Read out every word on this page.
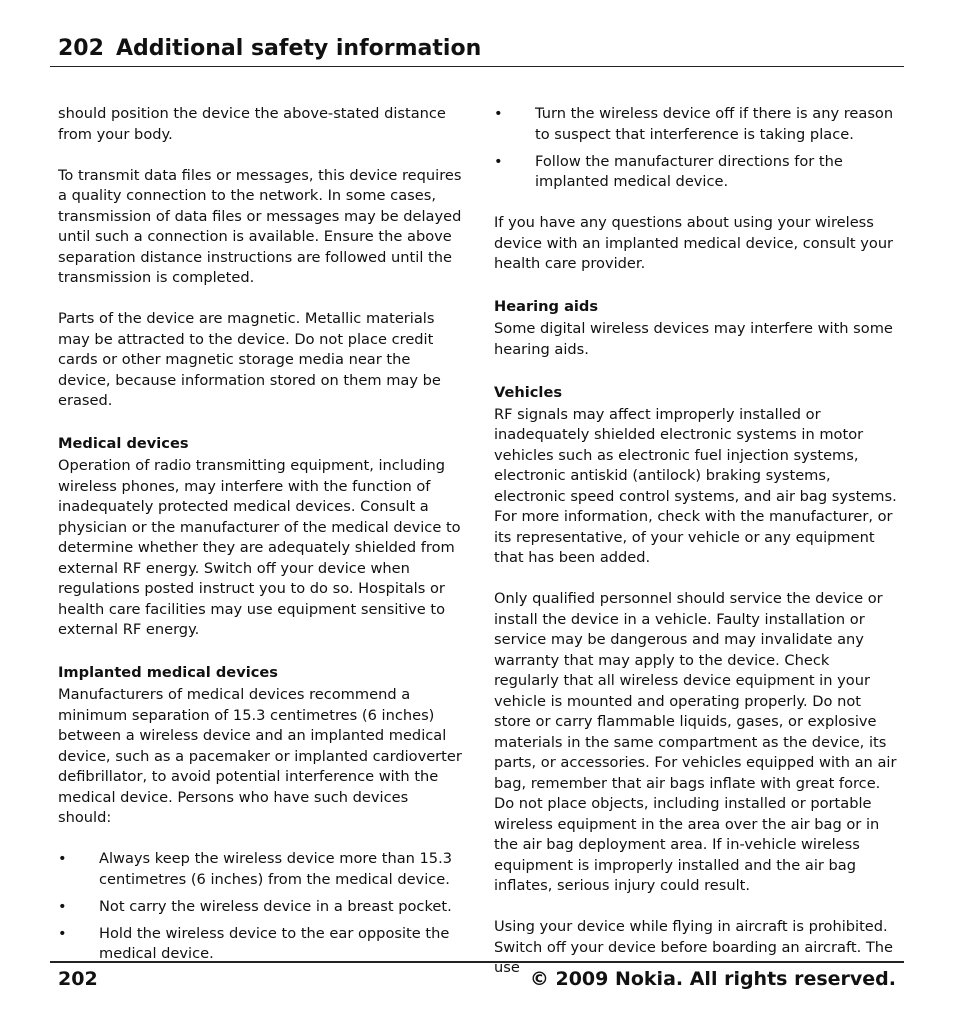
202 Additional safety information

should position the device the above-stated distance from your body.

To transmit data files or messages, this device requires a quality connection to the network. In some cases, transmission of data files or messages may be delayed until such a connection is available. Ensure the above separation distance instructions are followed until the transmission is completed.

Parts of the device are magnetic. Metallic materials may be attracted to the device. Do not place credit cards or other magnetic storage media near the device, because information stored on them may be erased.

Medical devices

Operation of radio transmitting equipment, including wireless phones, may interfere with the function of inadequately protected medical devices. Consult a physician or the manufacturer of the medical device to determine whether they are adequately shielded from external RF energy. Switch off your device when regulations posted instruct you to do so. Hospitals or health care facilities may use equipment sensitive to external RF energy.

Implanted medical devices

Manufacturers of medical devices recommend a minimum separation of 15.3 centimetres (6 inches) between a wireless device and an implanted medical device, such as a pacemaker or implanted cardioverter defibrillator, to avoid potential interference with the medical device. Persons who have such devices should:

• Always keep the wireless device more than 15.3 centimetres (6 inches) from the medical device.
• Not carry the wireless device in a breast pocket.
• Hold the wireless device to the ear opposite the medical device.
• Turn the wireless device off if there is any reason to suspect that interference is taking place.
• Follow the manufacturer directions for the implanted medical device.

If you have any questions about using your wireless device with an implanted medical device, consult your health care provider.

Hearing aids

Some digital wireless devices may interfere with some hearing aids.

Vehicles

RF signals may affect improperly installed or inadequately shielded electronic systems in motor vehicles such as electronic fuel injection systems, electronic antiskid (antilock) braking systems, electronic speed control systems, and air bag systems. For more information, check with the manufacturer, or its representative, of your vehicle or any equipment that has been added.

Only qualified personnel should service the device or install the device in a vehicle. Faulty installation or service may be dangerous and may invalidate any warranty that may apply to the device. Check regularly that all wireless device equipment in your vehicle is mounted and operating properly. Do not store or carry flammable liquids, gases, or explosive materials in the same compartment as the device, its parts, or accessories. For vehicles equipped with an air bag, remember that air bags inflate with great force. Do not place objects, including installed or portable wireless equipment in the area over the air bag or in the air bag deployment area. If in-vehicle wireless equipment is improperly installed and the air bag inflates, serious injury could result.

Using your device while flying in aircraft is prohibited. Switch off your device before boarding an aircraft. The use

202	© 2009 Nokia. All rights reserved.
